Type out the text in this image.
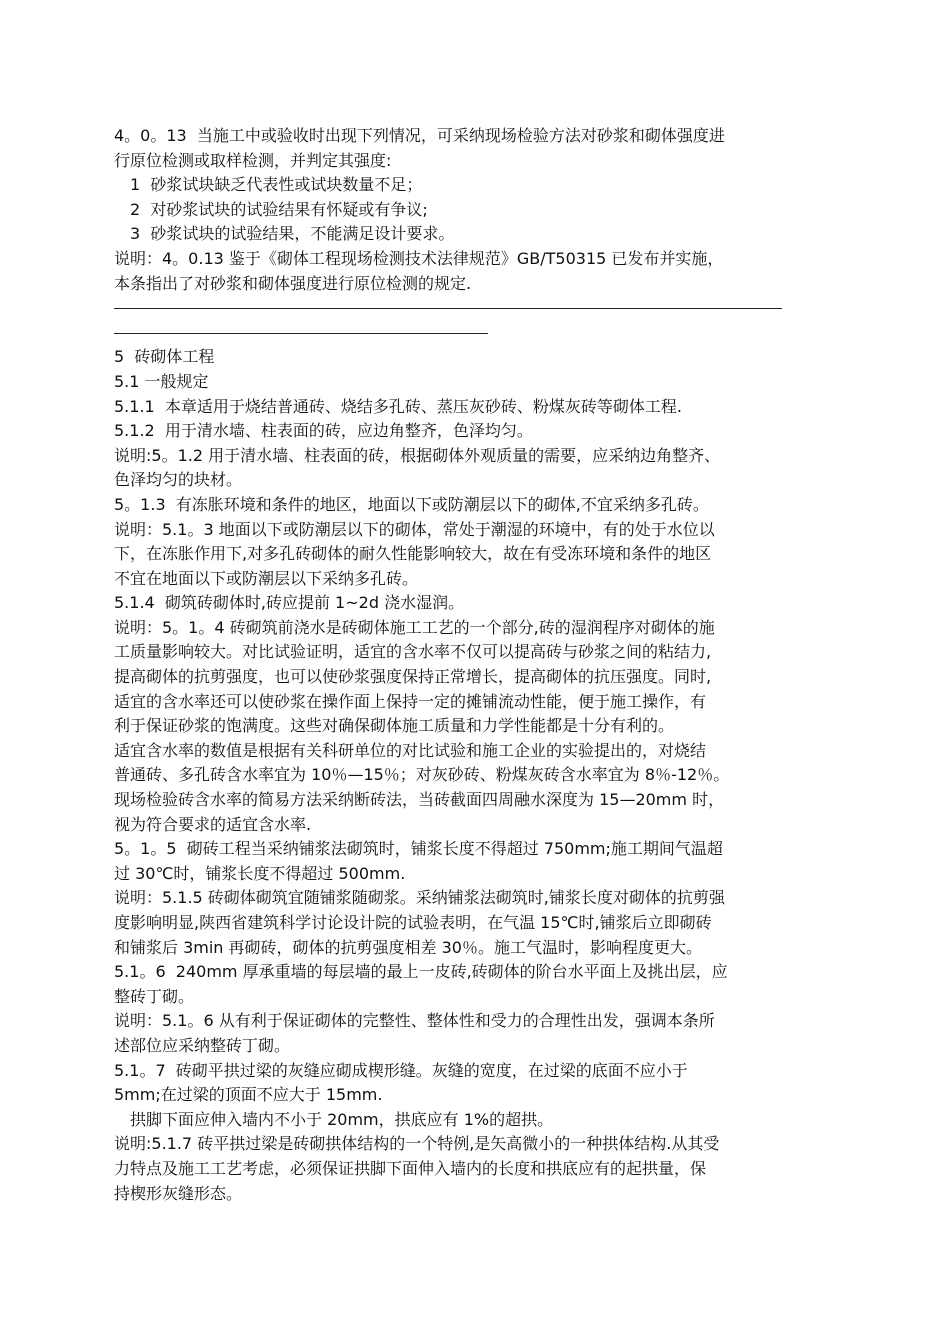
4。0。13  当施工中或验收时出现下列情况，可采纳现场检验方法对砂浆和砌体强度进
行原位检测或取样检测，并判定其强度:
1  砂浆试块缺乏代表性或试块数量不足；
2  对砂浆试块的试验结果有怀疑或有争议;
3  砂浆试块的试验结果，不能满足设计要求。
说明：4。0.13 鉴于《砌体工程现场检测技术法律规范》GB/T50315 已发布并实施，
本条指出了对砂浆和砌体强度进行原位检测的规定.
5  砖砌体工程
5.1 一般规定
5.1.1  本章适用于烧结普通砖、烧结多孔砖、蒸压灰砂砖、粉煤灰砖等砌体工程.
5.1.2  用于清水墙、柱表面的砖，应边角整齐，色泽均匀。
说明:5。1.2 用于清水墙、柱表面的砖，根据砌体外观质量的需要，应采纳边角整齐、
色泽均匀的块材。
5。1.3  有冻胀环境和条件的地区，地面以下或防潮层以下的砌体,不宜采纳多孔砖。
说明：5.1。3 地面以下或防潮层以下的砌体，常处于潮湿的环境中，有的处于水位以
下，在冻胀作用下,对多孔砖砌体的耐久性能影响较大，故在有受冻环境和条件的地区
不宜在地面以下或防潮层以下采纳多孔砖。
5.1.4  砌筑砖砌体时,砖应提前 1~2d 浇水湿润。
说明：5。1。4 砖砌筑前浇水是砖砌体施工工艺的一个部分,砖的湿润程序对砌体的施
工质量影响较大。对比试验证明，适宜的含水率不仅可以提高砖与砂浆之间的粘结力,
提高砌体的抗剪强度，也可以使砂浆强度保持正常增长，提高砌体的抗压强度。同时,
适宜的含水率还可以使砂浆在操作面上保持一定的摊铺流动性能，便于施工操作，有
利于保证砂浆的饱满度。这些对确保砌体施工质量和力学性能都是十分有利的。
适宜含水率的数值是根据有关科研单位的对比试验和施工企业的实验提出的，对烧结
普通砖、多孔砖含水率宜为 10％—15％；对灰砂砖、粉煤灰砖含水率宜为 8％-12％。
现场检验砖含水率的简易方法采纳断砖法，当砖截面四周融水深度为 15—20mm 时，
视为符合要求的适宜含水率.
5。1。5  砌砖工程当采纳铺浆法砌筑时，铺浆长度不得超过 750mm;施工期间气温超
过 30℃时，铺浆长度不得超过 500mm.
说明：5.1.5 砖砌体砌筑宜随铺浆随砌浆。采纳铺浆法砌筑时,铺浆长度对砌体的抗剪强
度影响明显,陕西省建筑科学讨论设计院的试验表明，在气温 15℃时,铺浆后立即砌砖
和铺浆后 3min 再砌砖，砌体的抗剪强度相差 30％。施工气温时，影响程度更大。
5.1。6  240mm 厚承重墙的每层墙的最上一皮砖,砖砌体的阶台水平面上及挑出层，应
整砖丁砌。
说明：5.1。6 从有利于保证砌体的完整性、整体性和受力的合理性出发，强调本条所
述部位应采纳整砖丁砌。
5.1。7  砖砌平拱过梁的灰缝应砌成楔形缝。灰缝的宽度，在过梁的底面不应小于
5mm;在过梁的顶面不应大于 15mm.
拱脚下面应伸入墙内不小于 20mm，拱底应有 1%的超拱。
说明:5.1.7 砖平拱过梁是砖砌拱体结构的一个特例,是矢高微小的一种拱体结构.从其受
力特点及施工工艺考虑，必须保证拱脚下面伸入墙内的长度和拱底应有的起拱量，保
持楔形灰缝形态。
